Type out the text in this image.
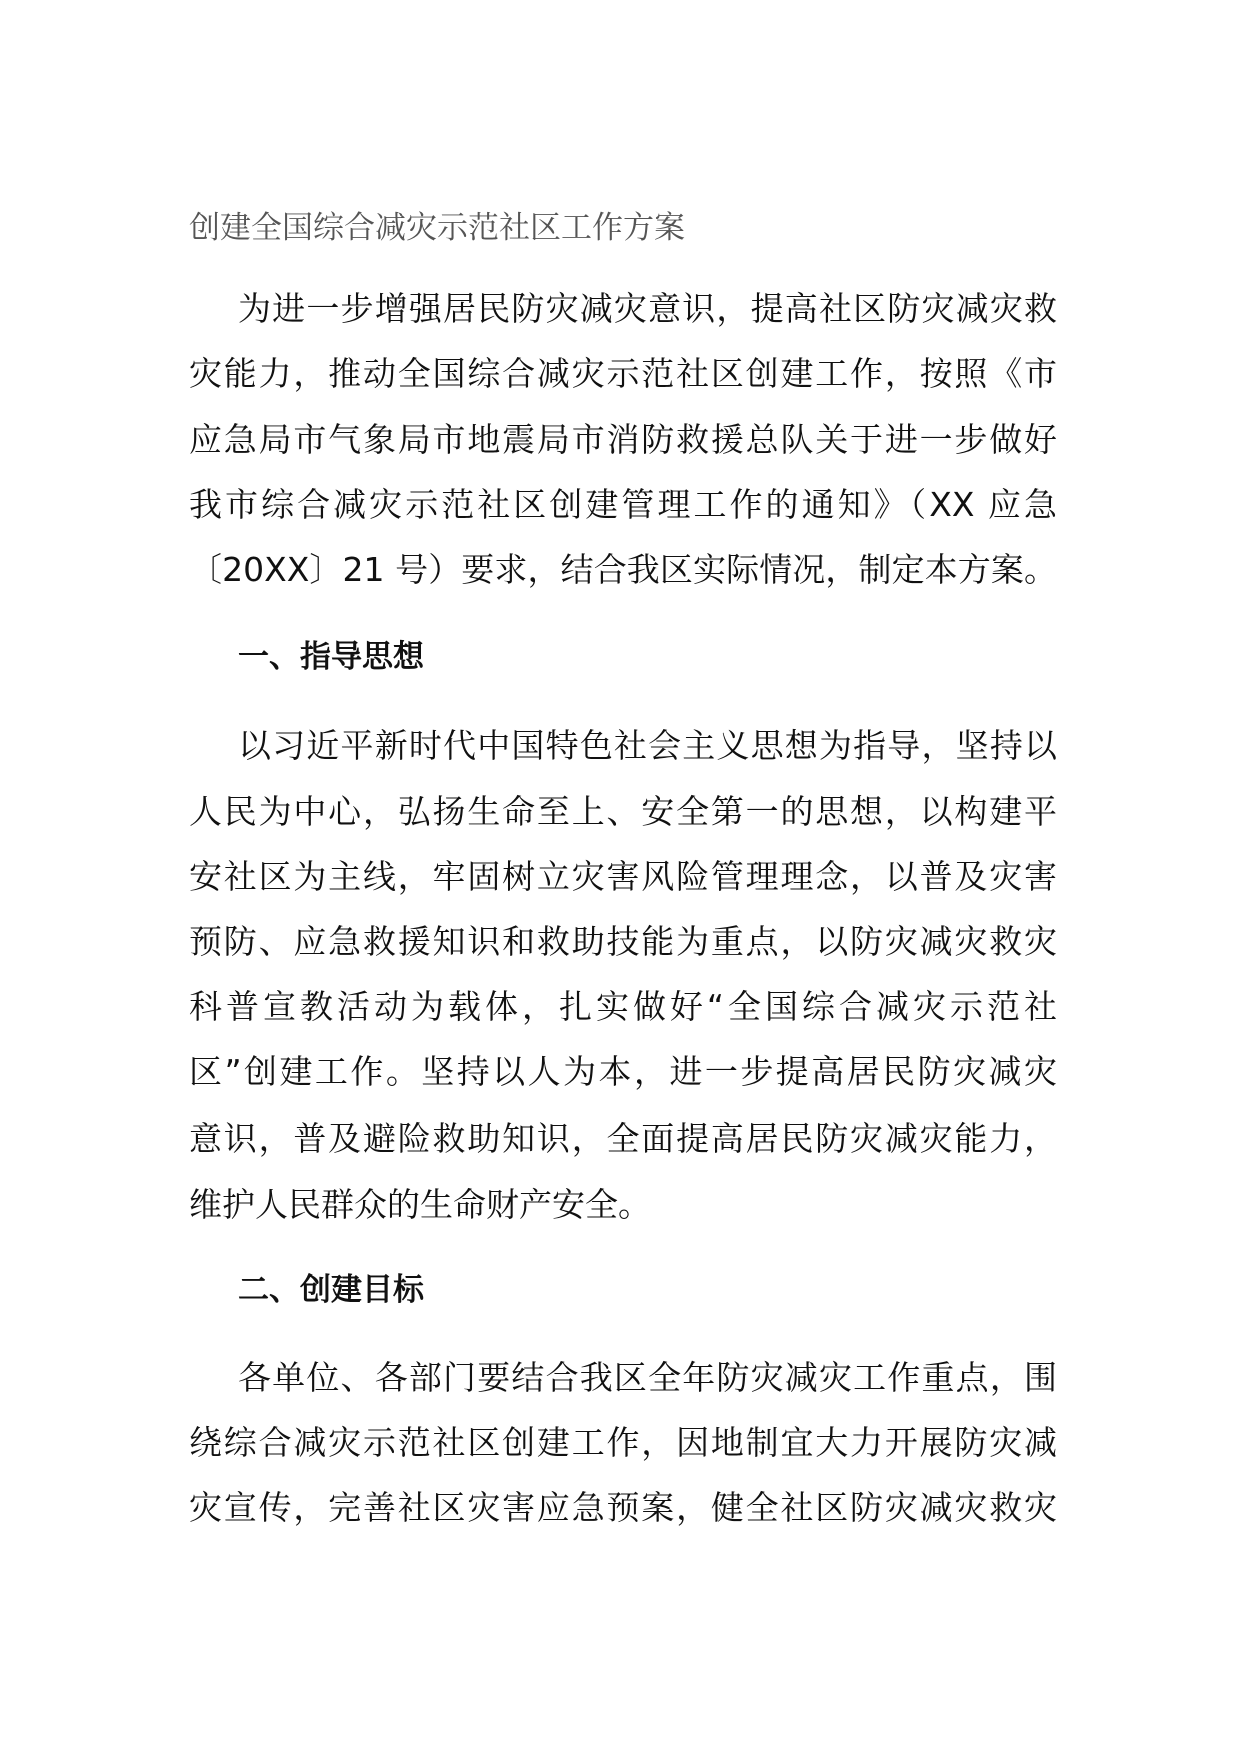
创建全国综合减灾示范社区工作方案
为进一步增强居民防灾减灾意识，提高社区防灾减灾救
灾能力，推动全国综合减灾示范社区创建工作，按照《市
应急局市气象局市地震局市消防救援总队关于进一步做好
我市综合减灾示范社区创建管理工作的通知》（XX 应急
〔20XX〕21 号）要求，结合我区实际情况，制定本方案。
一、指导思想
以习近平新时代中国特色社会主义思想为指导，坚持以
人民为中心，弘扬生命至上、安全第一的思想，以构建平
安社区为主线，牢固树立灾害风险管理理念，以普及灾害
预防、应急救援知识和救助技能为重点，以防灾减灾救灾
科普宣教活动为载体，扎实做好“全国综合减灾示范社
区”创建工作。坚持以人为本，进一步提高居民防灾减灾
意识，普及避险救助知识，全面提高居民防灾减灾能力，
维护人民群众的生命财产安全。
二、创建目标
各单位、各部门要结合我区全年防灾减灾工作重点，围
绕综合减灾示范社区创建工作，因地制宜大力开展防灾减
灾宣传，完善社区灾害应急预案，健全社区防灾减灾救灾
